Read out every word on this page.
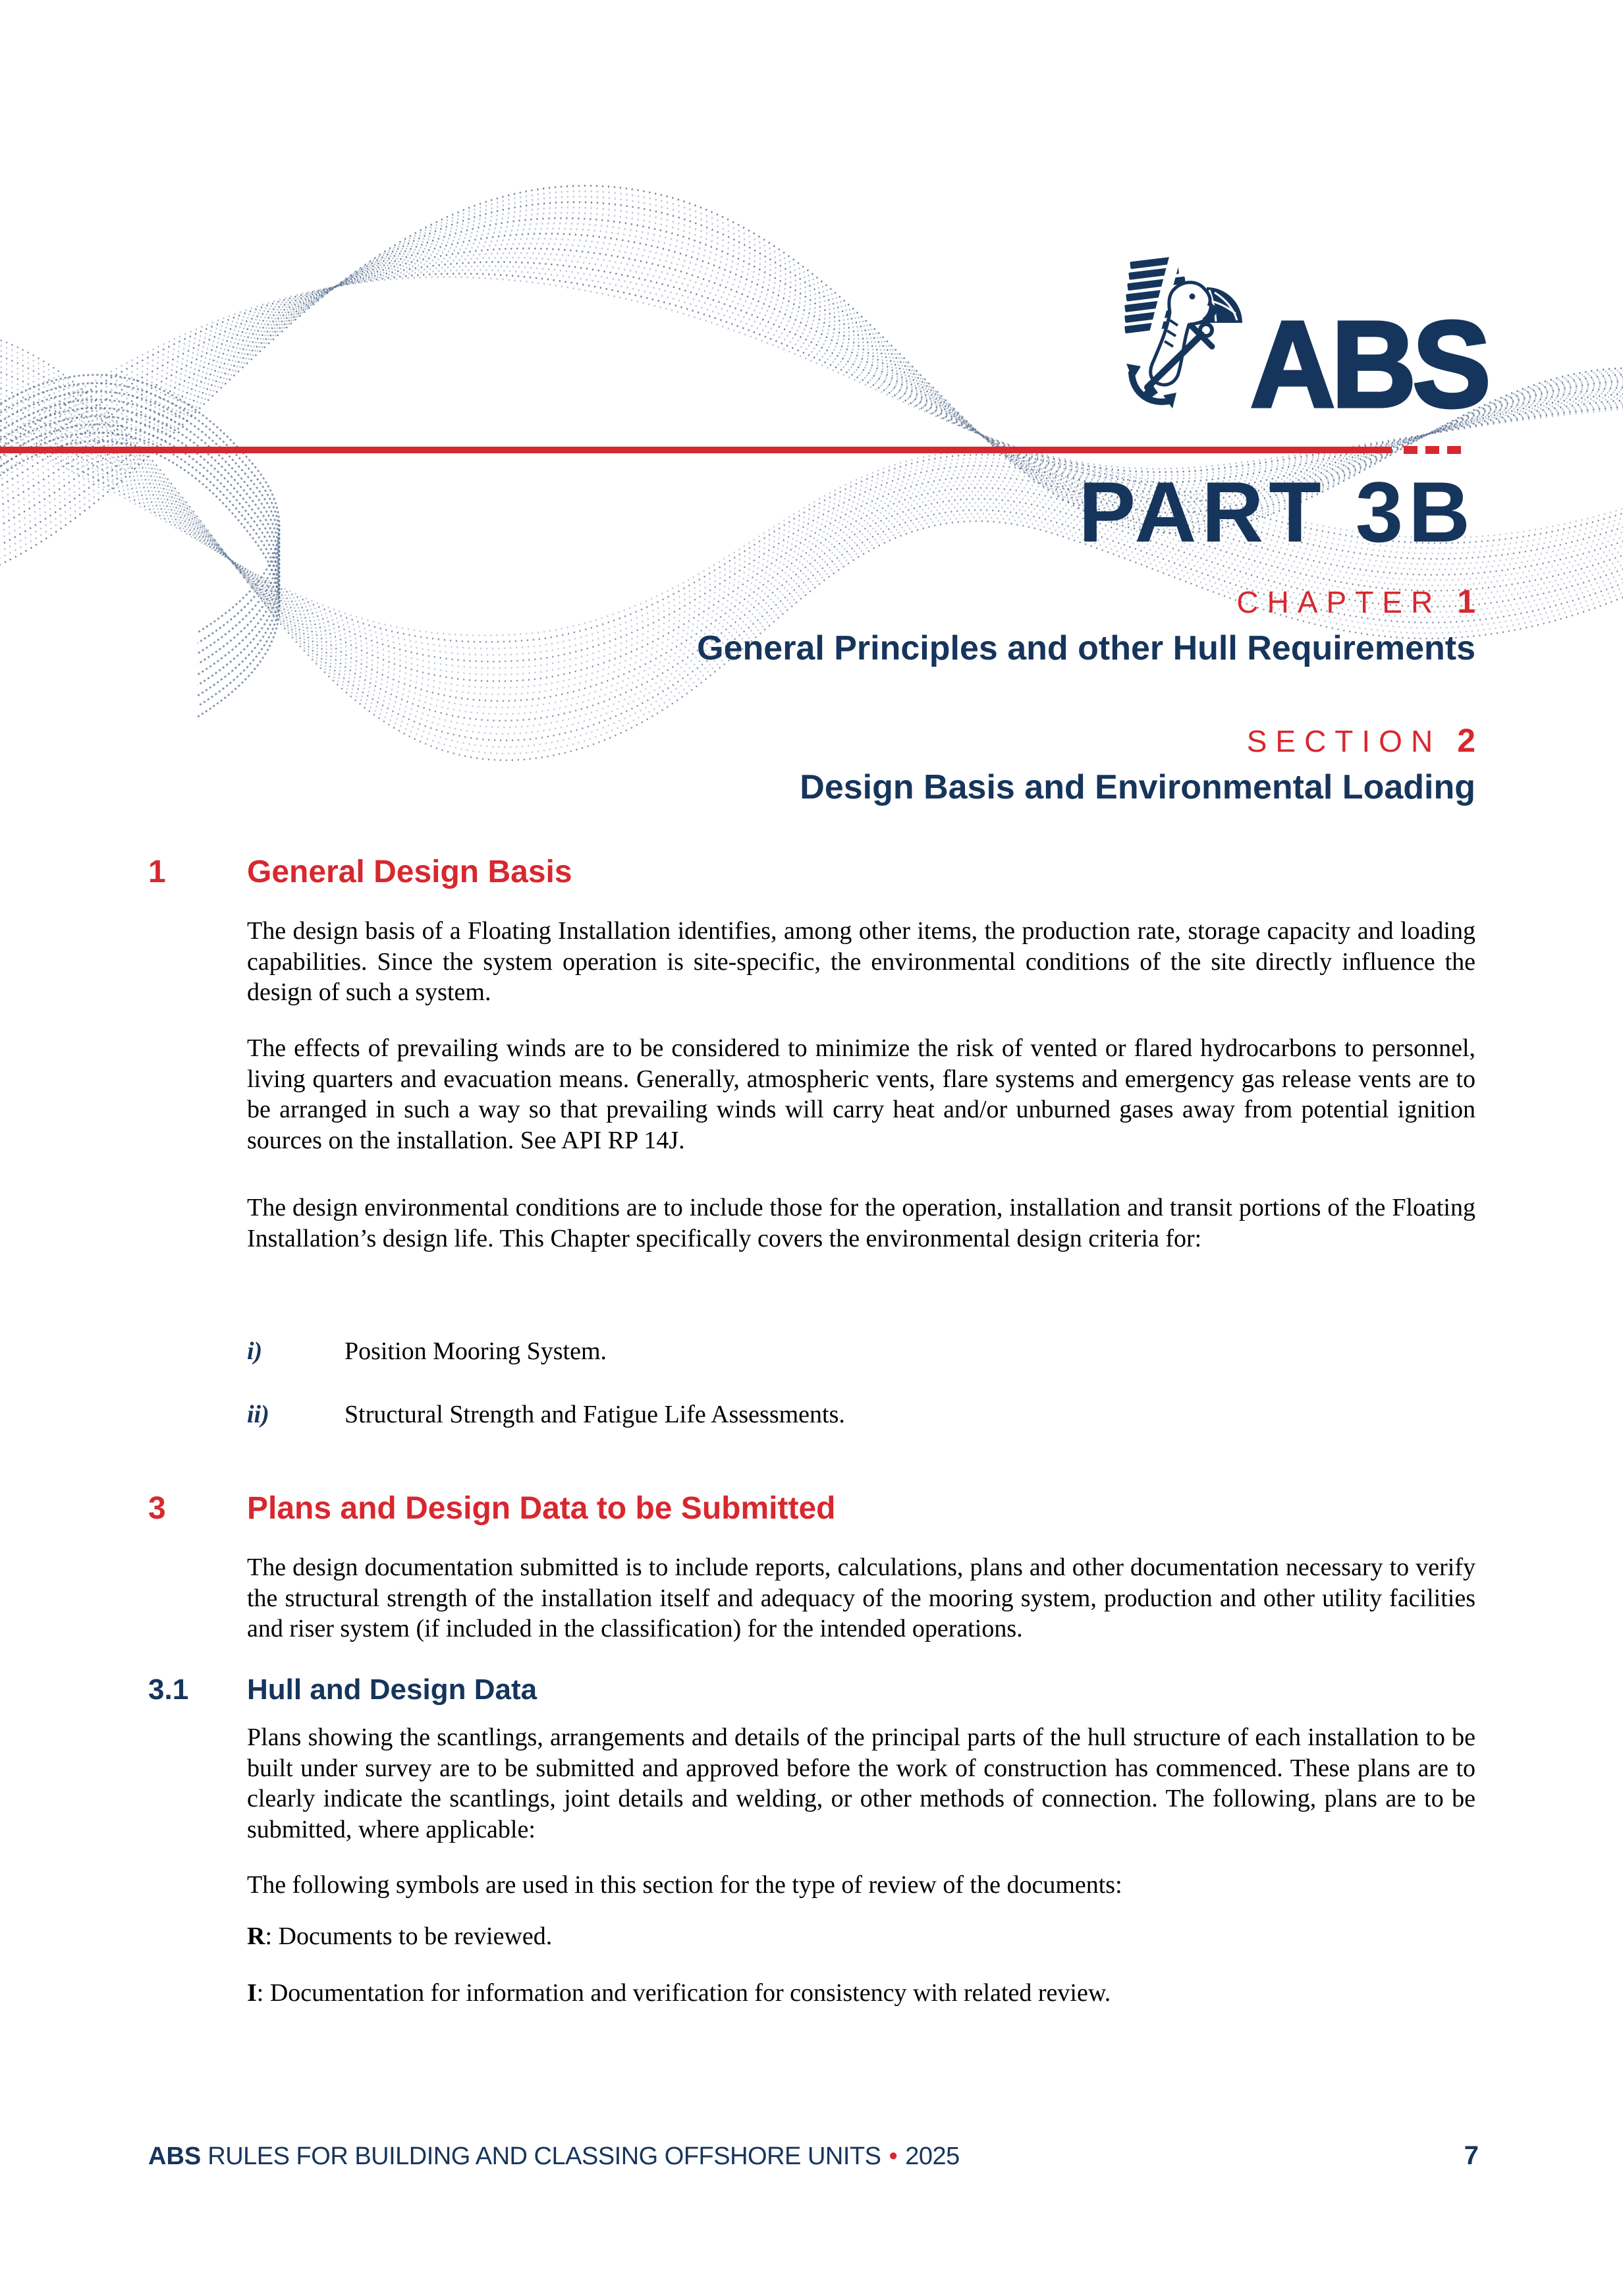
ABS
PART 3B
CHAPTER 1
General Principles and other Hull Requirements
SECTION 2
Design Basis and Environmental Loading
1	General Design Basis

The design basis of a Floating Installation identifies, among other items, the production rate, storage capacity and loading capabilities. Since the system operation is site-specific, the environmental conditions of the site directly influence the design of such a system.

The effects of prevailing winds are to be considered to minimize the risk of vented or flared hydrocarbons to personnel, living quarters and evacuation means. Generally, atmospheric vents, flare systems and emergency gas release vents are to be arranged in such a way so that prevailing winds will carry heat and/or unburned gases away from potential ignition sources on the installation. See API RP 14J.

The design environmental conditions are to include those for the operation, installation and transit portions of the Floating Installation’s design life. This Chapter specifically covers the environmental design criteria for:

i)	Position Mooring System.
ii)	Structural Strength and Fatigue Life Assessments.
3	Plans and Design Data to be Submitted

The design documentation submitted is to include reports, calculations, plans and other documentation necessary to verify the structural strength of the installation itself and adequacy of the mooring system, production and other utility facilities and riser system (if included in the classification) for the intended operations.

3.1 Hull and Design Data

Plans showing the scantlings, arrangements and details of the principal parts of the hull structure of each installation to be built under survey are to be submitted and approved before the work of construction has commenced. These plans are to clearly indicate the scantlings, joint details and welding, or other methods of connection. The following, plans are to be submitted, where applicable:

The following symbols are used in this section for the type of review of the documents:

R: Documents to be reviewed.

I: Documentation for information and verification for consistency with related review.

ABS RULES FOR BUILDING AND CLASSING OFFSHORE UNITS • 2025	7
